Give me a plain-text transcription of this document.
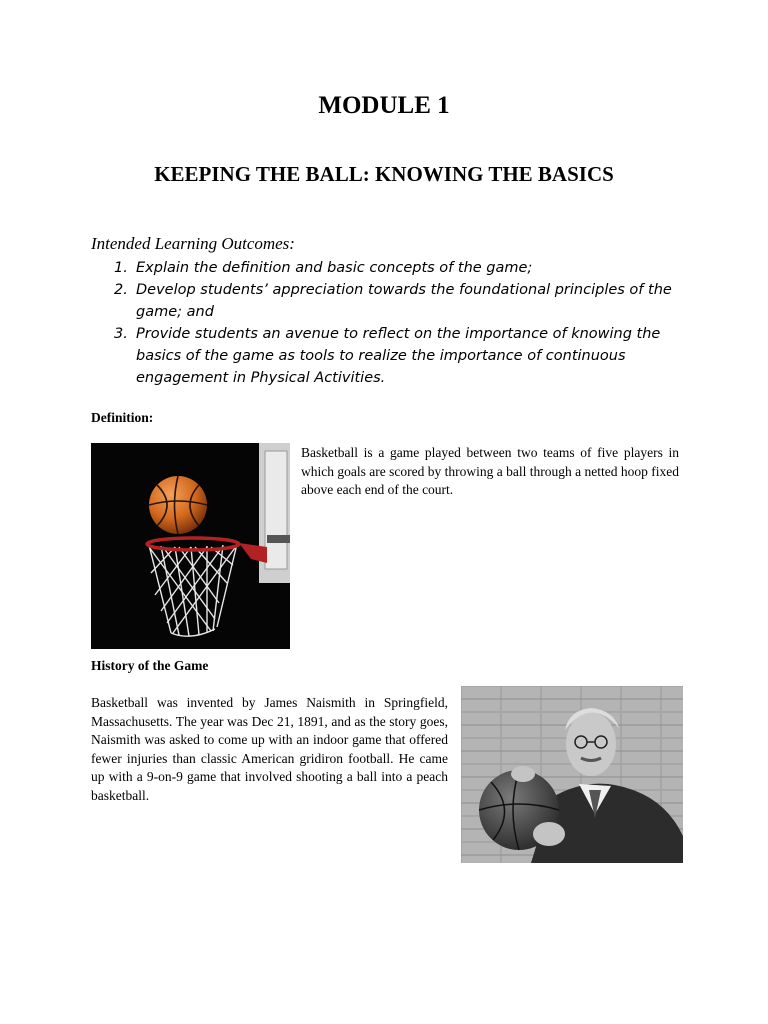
MODULE 1
KEEPING THE BALL: KNOWING THE BASICS

Intended Learning Outcomes:

1. Explain the definition and basic concepts of the game;
2. Develop students’ appreciation towards the foundational principles of the game; and
3. Provide students an avenue to reflect on the importance of knowing the basics of the game as tools to realize the importance of continuous engagement in Physical Activities.

Definition:

Basketball is a game played between two teams of five players in which goals are scored by throwing a ball through a netted hoop fixed above each end of the court.

History of the Game

Basketball was invented by James Naismith in Springfield, Massachusetts. The year was Dec 21, 1891, and as the story goes, Naismith was asked to come up with an indoor game that offered fewer injuries than classic American gridiron football. He came up with a 9-on-9 game that involved shooting a ball into a peach basketball.
